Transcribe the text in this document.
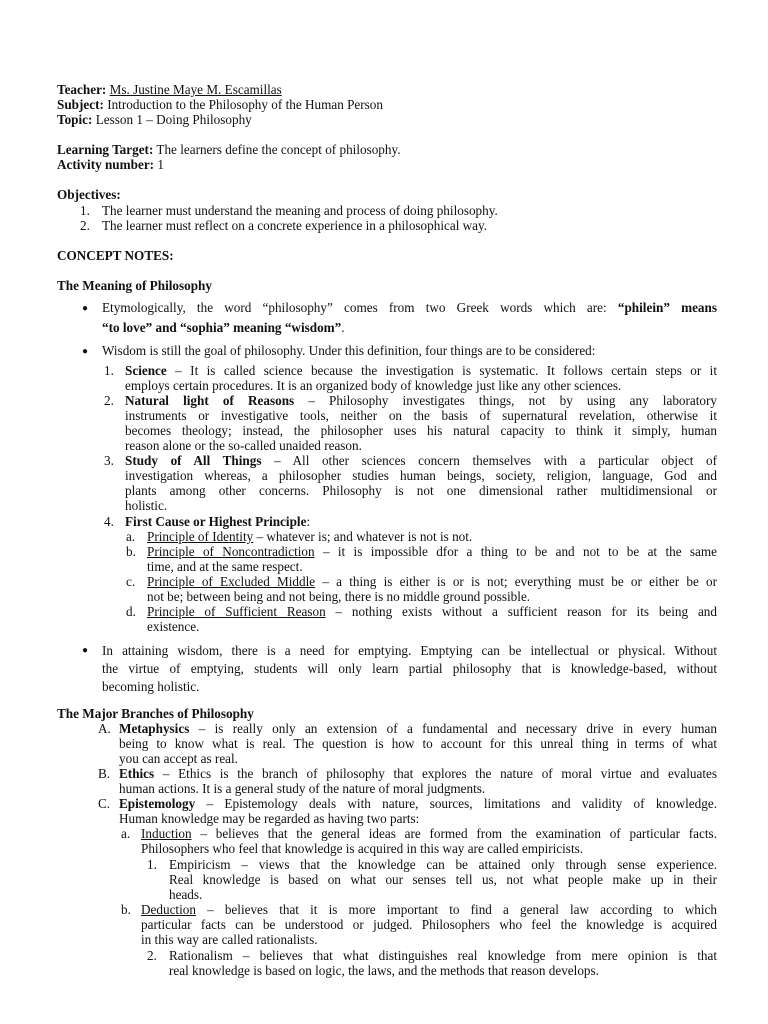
Teacher: Ms. Justine Maye M. Escamillas
Subject: Introduction to the Philosophy of the Human Person
Topic: Lesson 1 – Doing Philosophy
Learning Target: The learners define the concept of philosophy.
Activity number: 1
Objectives:
1. The learner must understand the meaning and process of doing philosophy.
2. The learner must reflect on a concrete experience in a philosophical way.
CONCEPT NOTES:
The Meaning of Philosophy
● Etymologically, the word “philosophy” comes from two Greek words which are: “philein” means
“to love” and “sophia” meaning “wisdom”.
● Wisdom is still the goal of philosophy. Under this definition, four things are to be considered:
1. Science – It is called science because the investigation is systematic. It follows certain steps or it
employs certain procedures. It is an organized body of knowledge just like any other sciences.
2. Natural light of Reasons – Philosophy investigates things, not by using any laboratory
instruments or investigative tools, neither on the basis of supernatural revelation, otherwise it
becomes theology; instead, the philosopher uses his natural capacity to think it simply, human
reason alone or the so-called unaided reason.
3. Study of All Things – All other sciences concern themselves with a particular object of
investigation whereas, a philosopher studies human beings, society, religion, language, God and
plants among other concerns. Philosophy is not one dimensional rather multidimensional or
holistic.
4. First Cause or Highest Principle:
a. Principle of Identity – whatever is; and whatever is not is not.
b. Principle of Noncontradiction – it is impossible dfor a thing to be and not to be at the same
time, and at the same respect.
c. Principle of Excluded Middle – a thing is either is or is not; everything must be or either be or
not be; between being and not being, there is no middle ground possible.
d. Principle of Sufficient Reason – nothing exists without a sufficient reason for its being and
existence.
● In attaining wisdom, there is a need for emptying. Emptying can be intellectual or physical. Without
the virtue of emptying, students will only learn partial philosophy that is knowledge-based, without
becoming holistic.
The Major Branches of Philosophy
A. Metaphysics – is really only an extension of a fundamental and necessary drive in every human
being to know what is real. The question is how to account for this unreal thing in terms of what
you can accept as real.
B. Ethics – Ethics is the branch of philosophy that explores the nature of moral virtue and evaluates
human actions. It is a general study of the nature of moral judgments.
C. Epistemology – Epistemology deals with nature, sources, limitations and validity of knowledge.
Human knowledge may be regarded as having two parts:
a. Induction – believes that the general ideas are formed from the examination of particular facts.
Philosophers who feel that knowledge is acquired in this way are called empiricists.
1. Empiricism – views that the knowledge can be attained only through sense experience.
Real knowledge is based on what our senses tell us, not what people make up in their
heads.
b. Deduction – believes that it is more important to find a general law according to which
particular facts can be understood or judged. Philosophers who feel the knowledge is acquired
in this way are called rationalists.
2. Rationalism – believes that what distinguishes real knowledge from mere opinion is that
real knowledge is based on logic, the laws, and the methods that reason develops.
